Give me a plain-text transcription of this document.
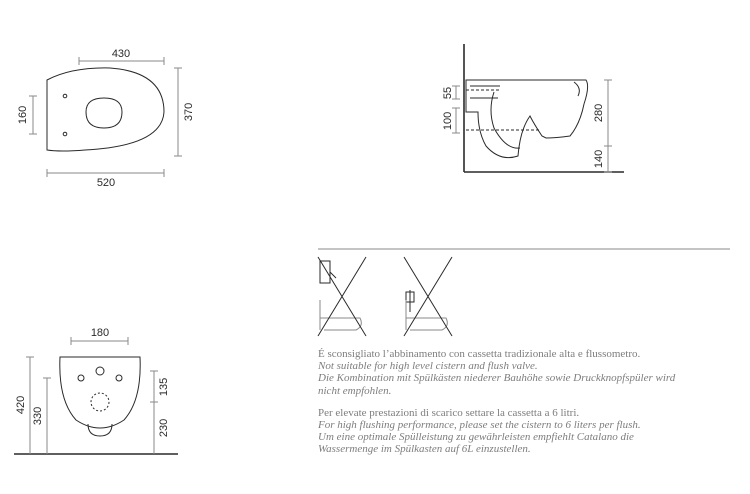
430
520
160	370
55
100	280
140
180
420
330
135
230

É sconsigliato l’abbinamento con cassetta tradizionale alta e flussometro.

Not suitable for high level cistern and flush valve.

Die Kombination mit Spülkästen niederer Bauhöhe sowie Druckknopfspüler wird

nicht empfohlen.

Per elevate prestazioni di scarico settare la cassetta a 6 litri.

For high flushing performance, please set the cistern to 6 liters per flush.

Um eine optimale Spülleistung zu gewährleisten empfiehlt Catalano die

Wassermenge im Spülkasten auf 6L einzustellen.
